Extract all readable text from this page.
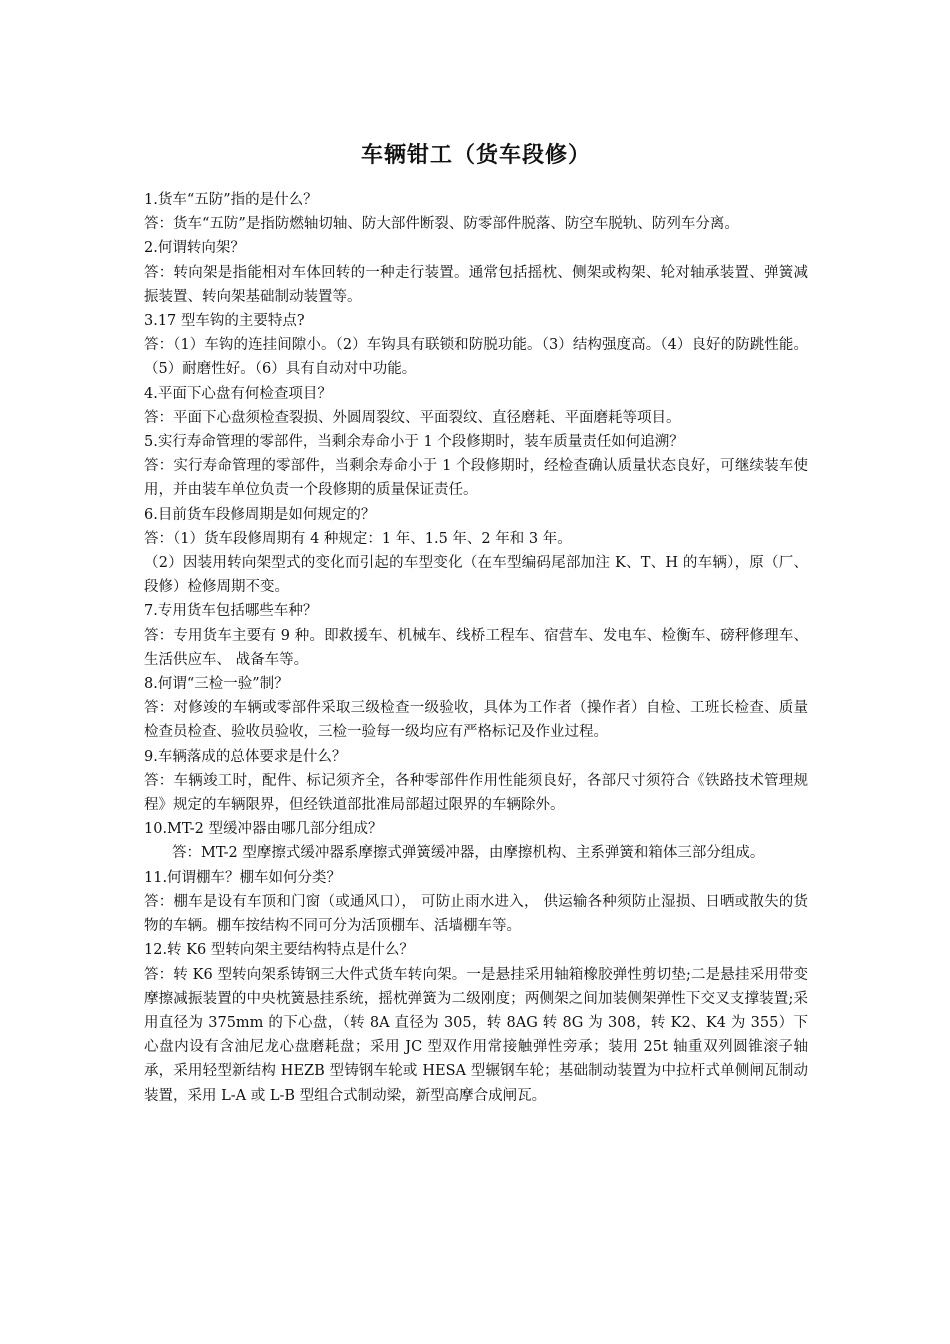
车辆钳工（货车段修）

1.货车“五防”指的是什么？

答：货车“五防”是指防燃轴切轴、防大部件断裂、防零部件脱落、防空车脱轨、防列车分离。

2.何谓转向架？

答：转向架是指能相对车体回转的一种走行装置。通常包括摇枕、侧架或构架、轮对轴承装置、弹簧减振装置、转向架基础制动装置等。

3.17 型车钩的主要特点?

答：（1）车钩的连挂间隙小。（2）车钩具有联锁和防脱功能。（3）结构强度高。（4）良好的防跳性能。（5）耐磨性好。（6）具有自动对中功能。

4.平面下心盘有何检查项目？

答：平面下心盘须检查裂损、外圆周裂纹、平面裂纹、直径磨耗、平面磨耗等项目。

5.实行寿命管理的零部件，当剩余寿命小于 1 个段修期时，装车质量责任如何追溯？

答：实行寿命管理的零部件，当剩余寿命小于 1 个段修期时，经检查确认质量状态良好，可继续装车使用，并由装车单位负责一个段修期的质量保证责任。

6.目前货车段修周期是如何规定的？

答：（1）货车段修周期有 4 种规定：1 年、1.5 年、2 年和 3 年。

（2）因装用转向架型式的变化而引起的车型变化（在车型编码尾部加注 K、T、H 的车辆），原（厂、段修）检修周期不变。

7.专用货车包括哪些车种？

答：专用货车主要有 9 种。即救援车、机械车、线桥工程车、宿营车、发电车、检衡车、磅秤修理车、生活供应车、 战备车等。

8.何谓“三检一验”制？

答：对修竣的车辆或零部件采取三级检查一级验收，具体为工作者（操作者）自检、工班长检查、质量检查员检查、验收员验收，三检一验每一级均应有严格标记及作业过程。

9.车辆落成的总体要求是什么？

答：车辆竣工时，配件、标记须齐全，各种零部件作用性能须良好，各部尺寸须符合《铁路技术管理规程》规定的车辆限界，但经铁道部批准局部超过限界的车辆除外。

10.MT-2 型缓冲器由哪几部分组成？

答：MT-2 型摩擦式缓冲器系摩擦式弹簧缓冲器，由摩擦机构、主系弹簧和箱体三部分组成。

11.何谓棚车？棚车如何分类？

答：棚车是设有车顶和门窗（或通风口）， 可防止雨水进入， 供运输各种须防止湿损、日晒或散失的货物的车辆。棚车按结构不同可分为活顶棚车、活墙棚车等。

12.转 K6 型转向架主要结构特点是什么？

答：转 K6 型转向架系铸钢三大件式货车转向架。一是悬挂采用轴箱橡胶弹性剪切垫;二是悬挂采用带变摩擦减振装置的中央枕簧悬挂系统，摇枕弹簧为二级刚度；两侧架之间加装侧架弹性下交叉支撑装置;采用直径为 375mm 的下心盘，（转 8A 直径为 305，转 8AG 转 8G 为 308，转 K2、K4 为 355）下心盘内设有含油尼龙心盘磨耗盘；采用 JC 型双作用常接触弹性旁承；装用 25t 轴重双列圆锥滚子轴承，采用轻型新结构 HEZB 型铸钢车轮或 HESA 型辗钢车轮；基础制动装置为中拉杆式单侧闸瓦制动装置，采用 L-A 或 L-B 型组合式制动梁，新型高摩合成闸瓦。
